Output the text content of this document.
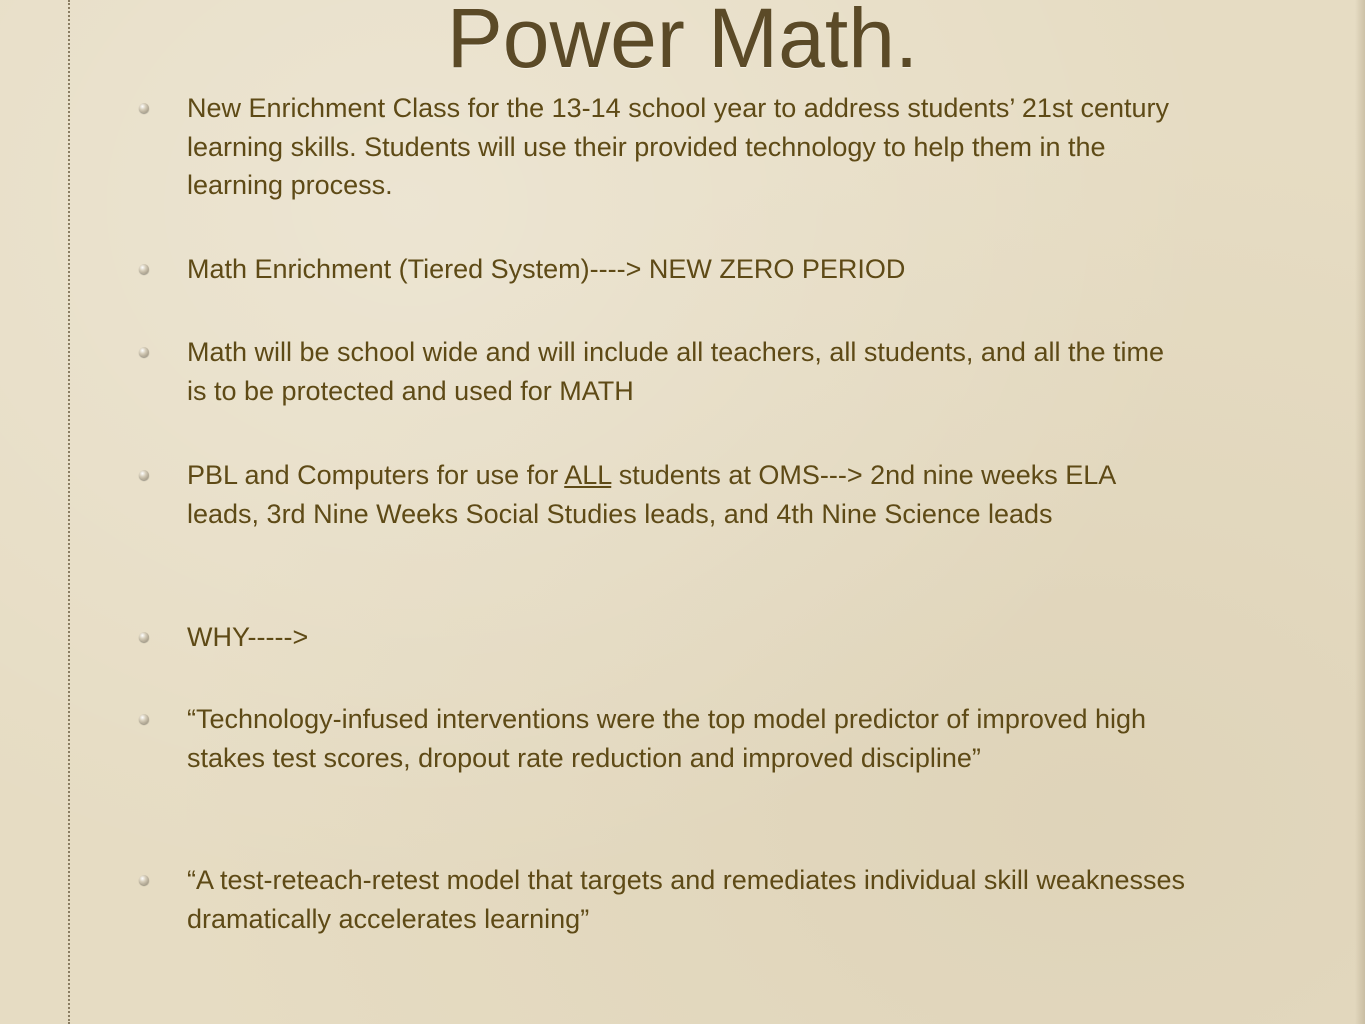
Power Math.
New Enrichment Class for the 13-14 school year to address students’ 21st century learning skills. Students will use their provided technology to help them in the learning process.
Math Enrichment (Tiered System)----> NEW ZERO PERIOD
Math will be school wide and will include all teachers, all students, and all the time is to be protected and used for MATH
PBL and Computers for use for ALL students at OMS---> 2nd nine weeks ELA leads, 3rd Nine Weeks Social Studies leads, and 4th Nine Science leads
WHY----->
“Technology-infused interventions were the top model predictor of improved high stakes test scores, dropout rate reduction and improved discipline”
“A test-reteach-retest model that targets and remediates individual skill weaknesses dramatically accelerates learning”
